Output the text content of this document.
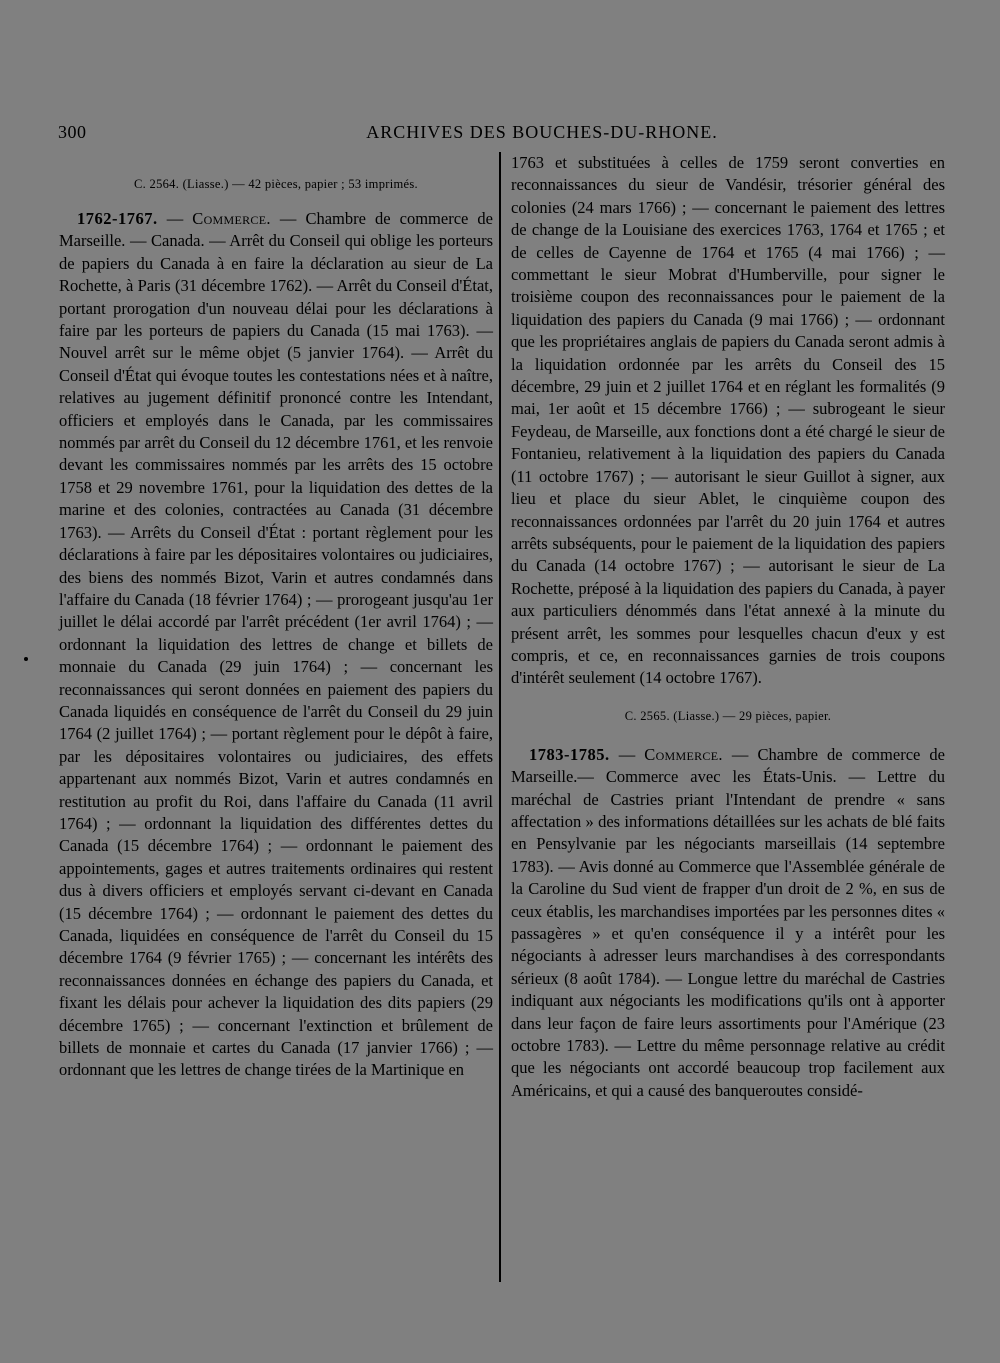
300	ARCHIVES DES BOUCHES-DU-RHONE.
C. 2564. (Liasse.) — 42 pièces, papier ; 53 imprimés.

1762-1767. — Commerce. — Chambre de commerce de Marseille. — Canada. — Arrêt du Conseil qui oblige les porteurs de papiers du Canada à en faire la déclaration au sieur de La Rochette, à Paris (31 décembre 1762). — Arrêt du Conseil d'État, portant prorogation d'un nouveau délai pour les déclarations à faire par les porteurs de papiers du Canada (15 mai 1763). — Nouvel arrêt sur le même objet (5 janvier 1764). — Arrêt du Conseil d'État qui évoque toutes les contestations nées et à naître, relatives au jugement définitif prononcé contre les Intendant, officiers et employés dans le Canada, par les commissaires nommés par arrêt du Conseil du 12 décembre 1761, et les renvoie devant les commissaires nommés par les arrêts des 15 octobre 1758 et 29 novembre 1761, pour la liquidation des dettes de la marine et des colonies, contractées au Canada (31 décembre 1763). — Arrêts du Conseil d'État : portant règlement pour les déclarations à faire par les dépositaires volontaires ou judiciaires, des biens des nommés Bizot, Varin et autres condamnés dans l'affaire du Canada (18 février 1764) ; — prorogeant jusqu'au 1er juillet le délai accordé par l'arrêt précédent (1er avril 1764) ; — ordonnant la liquidation des lettres de change et billets de monnaie du Canada (29 juin 1764) ; — concernant les reconnaissances qui seront données en paiement des papiers du Canada liquidés en conséquence de l'arrêt du Conseil du 29 juin 1764 (2 juillet 1764) ; — portant règlement pour le dépôt à faire, par les dépositaires volontaires ou judiciaires, des effets appartenant aux nommés Bizot, Varin et autres condamnés en restitution au profit du Roi, dans l'affaire du Canada (11 avril 1764) ; — ordonnant la liquidation des différentes dettes du Canada (15 décembre 1764) ; — ordonnant le paiement des appointements, gages et autres traitements ordinaires qui restent dus à divers officiers et employés servant ci-devant en Canada (15 décembre 1764) ; — ordonnant le paiement des dettes du Canada, liquidées en conséquence de l'arrêt du Conseil du 15 décembre 1764 (9 février 1765) ; — concernant les intérêts des reconnaissances données en échange des papiers du Canada, et fixant les délais pour achever la liquidation des dits papiers (29 décembre 1765) ; — concernant l'extinction et brûlement de billets de monnaie et cartes du Canada (17 janvier 1766) ; — ordonnant que les lettres de change tirées de la Martinique en

1763 et substituées à celles de 1759 seront converties en reconnaissances du sieur de Vandésir, trésorier général des colonies (24 mars 1766) ; — concernant le paiement des lettres de change de la Louisiane des exercices 1763, 1764 et 1765 ; et de celles de Cayenne de 1764 et 1765 (4 mai 1766) ; — commettant le sieur Mobrat d'Humberville, pour signer le troisième coupon des reconnaissances pour le paiement de la liquidation des papiers du Canada (9 mai 1766) ; — ordonnant que les propriétaires anglais de papiers du Canada seront admis à la liquidation ordonnée par les arrêts du Conseil des 15 décembre, 29 juin et 2 juillet 1764 et en réglant les formalités (9 mai, 1er août et 15 décembre 1766) ; — subrogeant le sieur Feydeau, de Marseille, aux fonctions dont a été chargé le sieur de Fontanieu, relativement à la liquidation des papiers du Canada (11 octobre 1767) ; — autorisant le sieur Guillot à signer, aux lieu et place du sieur Ablet, le cinquième coupon des reconnaissances ordonnées par l'arrêt du 20 juin 1764 et autres arrêts subséquents, pour le paiement de la liquidation des papiers du Canada (14 octobre 1767) ; — autorisant le sieur de La Rochette, préposé à la liquidation des papiers du Canada, à payer aux particuliers dénommés dans l'état annexé à la minute du présent arrêt, les sommes pour lesquelles chacun d'eux y est compris, et ce, en reconnaissances garnies de trois coupons d'intérêt seulement (14 octobre 1767).

C. 2565. (Liasse.) — 29 pièces, papier.

1783-1785. — Commerce. — Chambre de commerce de Marseille.— Commerce avec les États-Unis. — Lettre du maréchal de Castries priant l'Intendant de prendre « sans affectation » des informations détaillées sur les achats de blé faits en Pensylvanie par les négociants marseillais (14 septembre 1783). — Avis donné au Commerce que l'Assemblée générale de la Caroline du Sud vient de frapper d'un droit de 2 %, en sus de ceux établis, les marchandises importées par les personnes dites « passagères » et qu'en conséquence il y a intérêt pour les négociants à adresser leurs marchandises à des correspondants sérieux (8 août 1784). — Longue lettre du maréchal de Castries indiquant aux négociants les modifications qu'ils ont à apporter dans leur façon de faire leurs assortiments pour l'Amérique (23 octobre 1783). — Lettre du même personnage relative au crédit que les négociants ont accordé beaucoup trop facilement aux Américains, et qui a causé des banqueroutes considé-
